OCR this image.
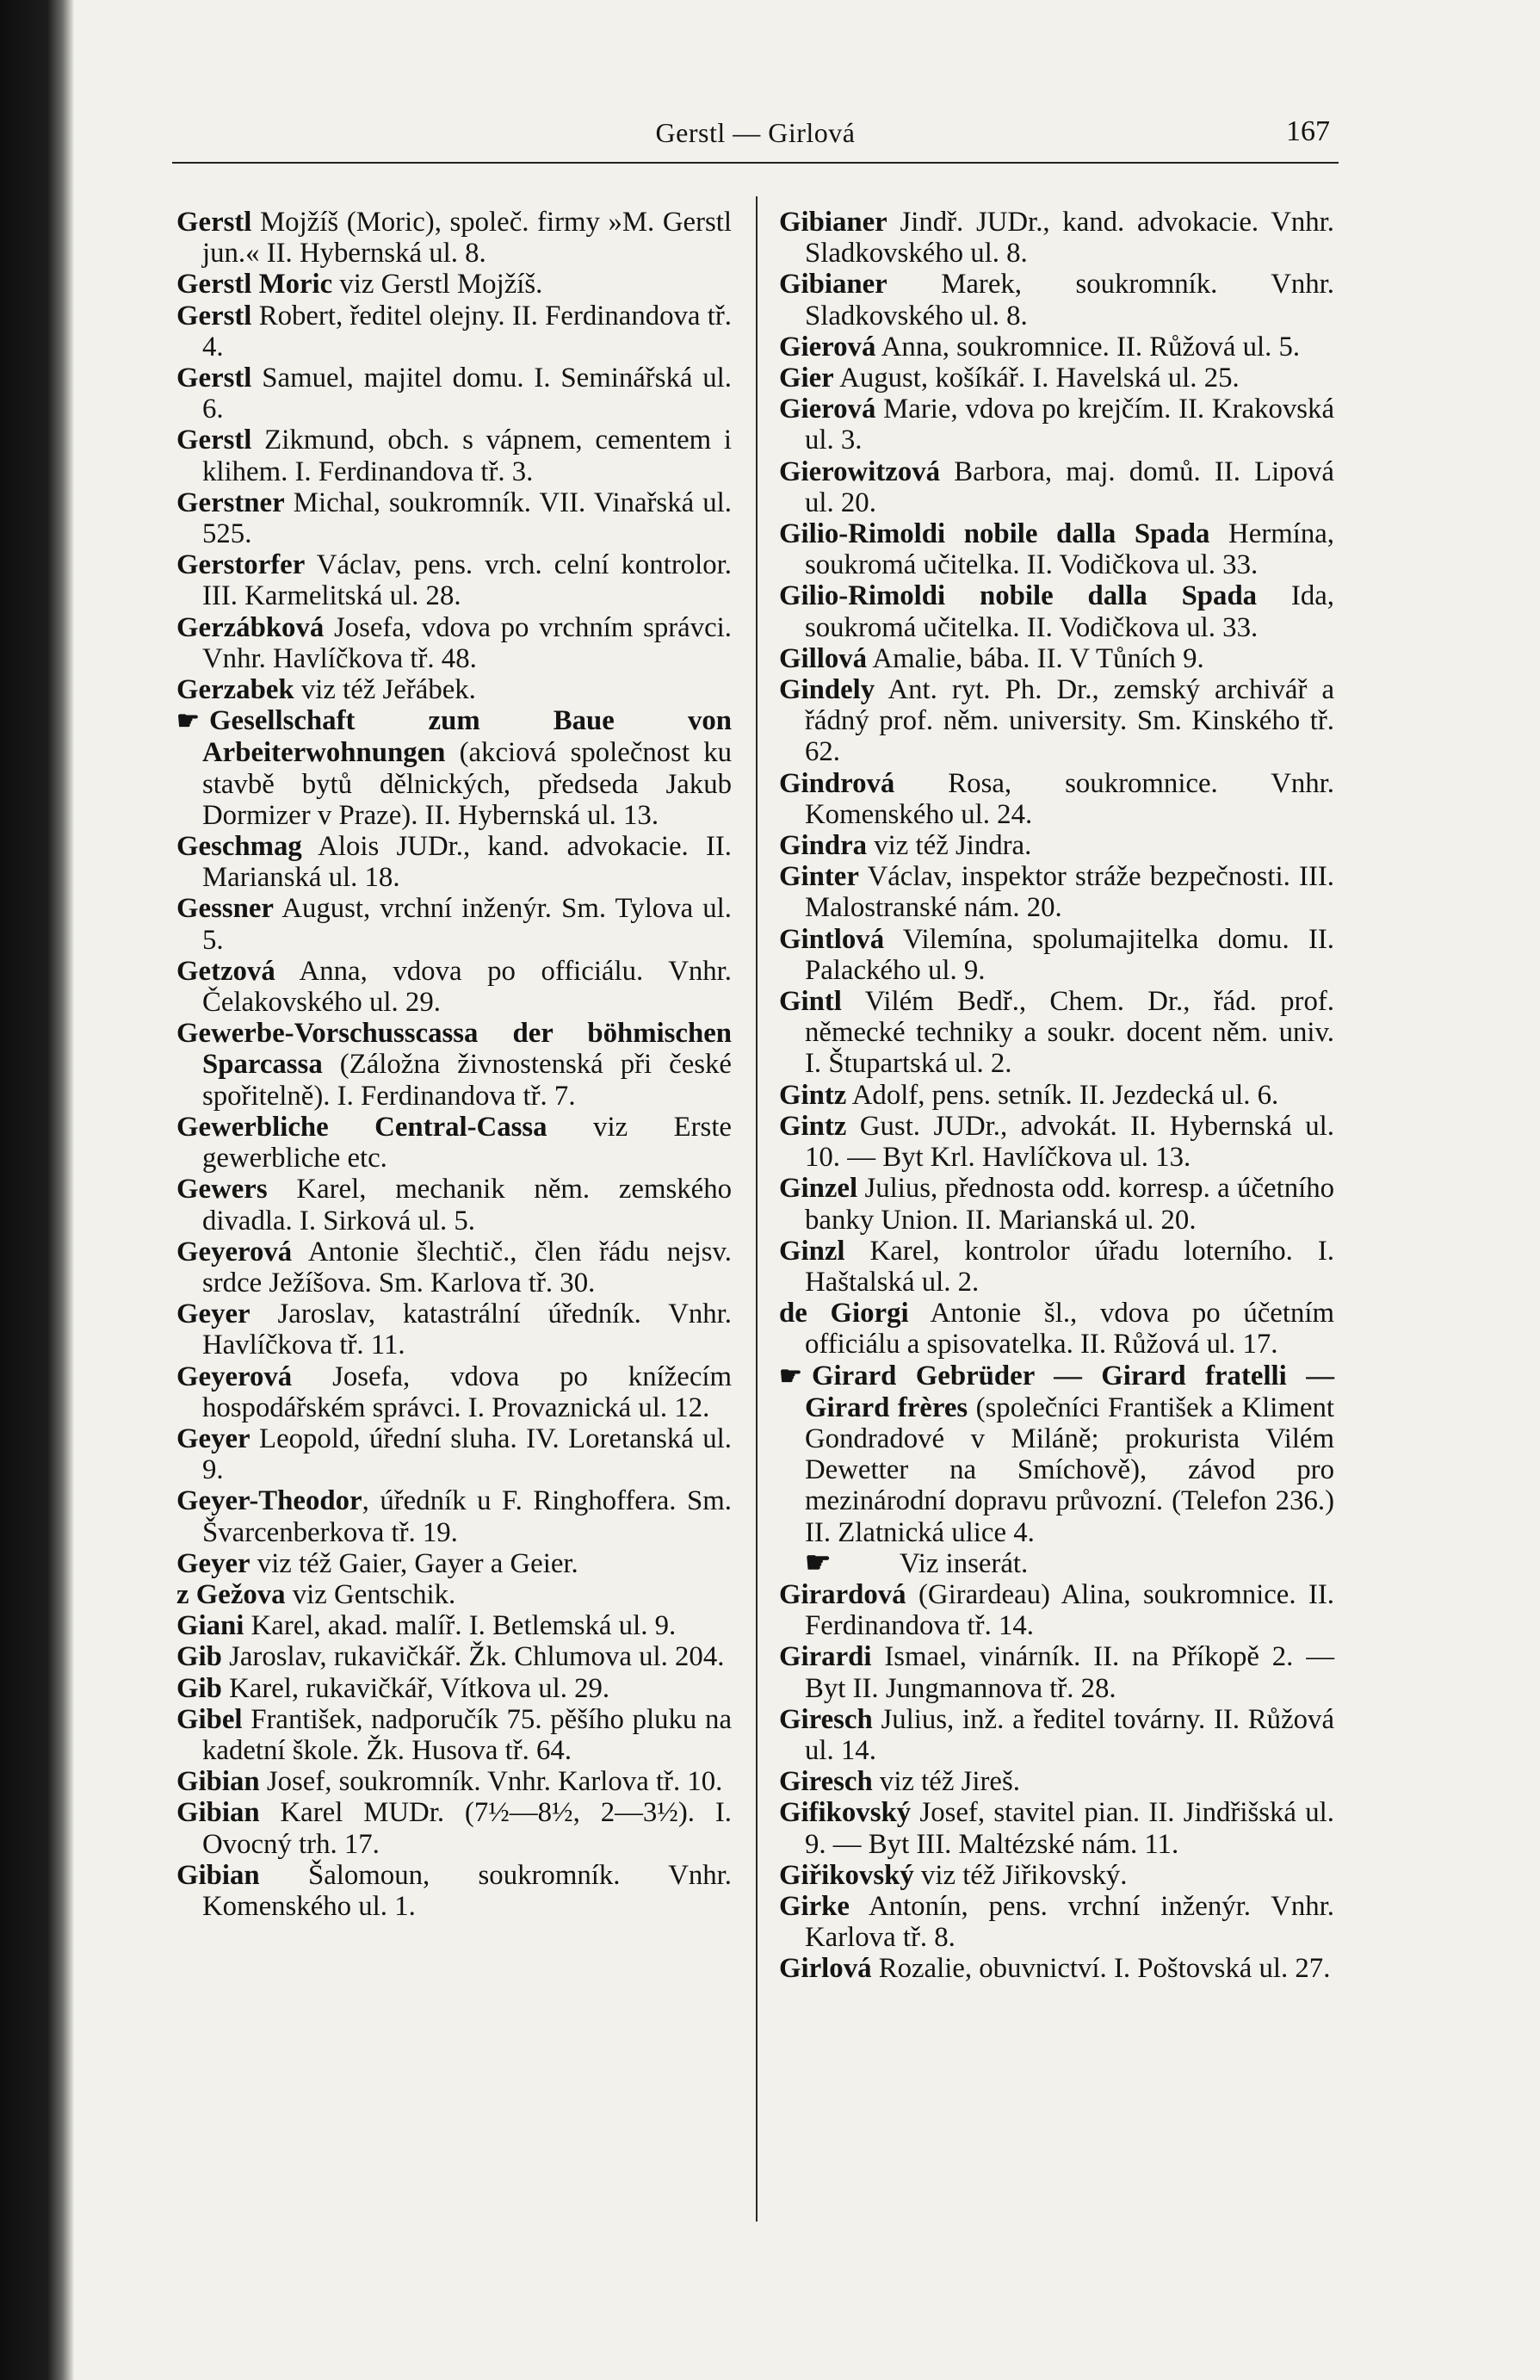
Gerstl — Girlová	167

Gerstl Mojžíš (Moric), společ. firmy »M. Gerstl jun.« II. Hybernská ul. 8.

Gerstl Moric viz Gerstl Mojžíš.

Gerstl Robert, ředitel olejny. II. Ferdinandova tř. 4.

Gerstl Samuel, majitel domu. I. Seminářská ul. 6.

Gerstl Zikmund, obch. s vápnem, cementem i klihem. I. Ferdinandova tř. 3.

Gerstner Michal, soukromník. VII. Vinařská ul. 525.

Gerstorfer Václav, pens. vrch. celní kontrolor. III. Karmelitská ul. 28.

Gerzábková Josefa, vdova po vrchním správci. Vnhr. Havlíčkova tř. 48.

Gerzabek viz též Jeřábek.

☛ Gesellschaft zum Baue von Arbeiterwohnungen (akciová společnost ku stavbě bytů dělnických, předseda Jakub Dormizer v Praze). II. Hybernská ul. 13.

Geschmag Alois JUDr., kand. advokacie. II. Marianská ul. 18.

Gessner August, vrchní inženýr. Sm. Tylova ul. 5.

Getzová Anna, vdova po officiálu. Vnhr. Čelakovského ul. 29.

Gewerbe-Vorschusscassa der böhmischen Sparcassa (Záložna živnostenská při české spořitelně). I. Ferdinandova tř. 7.

Gewerbliche Central-Cassa viz Erste gewerbliche etc.

Gewers Karel, mechanik něm. zemského divadla. I. Sirková ul. 5.

Geyerová Antonie šlechtič., člen řádu nejsv. srdce Ježíšova. Sm. Karlova tř. 30.

Geyer Jaroslav, katastrální úředník. Vnhr. Havlíčkova tř. 11.

Geyerová Josefa, vdova po knížecím hospodářském správci. I. Provaznická ul. 12.

Geyer Leopold, úřední sluha. IV. Loretanská ul. 9.

Geyer-Theodor, úředník u F. Ringhoffera. Sm. Švarcenberkova tř. 19.

Geyer viz též Gaier, Gayer a Geier.

z Gežova viz Gentschik.

Giani Karel, akad. malíř. I. Betlemská ul. 9.

Gib Jaroslav, rukavičkář. Žk. Chlumova ul. 204.

Gib Karel, rukavičkář, Vítkova ul. 29.

Gibel František, nadporučík 75. pěšího pluku na kadetní škole. Žk. Husova tř. 64.

Gibian Josef, soukromník. Vnhr. Karlova tř. 10.

Gibian Karel MUDr. (7½—8½, 2—3½). I. Ovocný trh. 17.

Gibian Šalomoun, soukromník. Vnhr. Komenského ul. 1.

Gibianer Jindř. JUDr., kand. advokacie. Vnhr. Sladkovského ul. 8.

Gibianer Marek, soukromník. Vnhr. Sladkovského ul. 8.

Gierová Anna, soukromnice. II. Růžová ul. 5.

Gier August, košíkář. I. Havelská ul. 25.

Gierová Marie, vdova po krejčím. II. Krakovská ul. 3.

Gierowitzová Barbora, maj. domů. II. Lipová ul. 20.

Gilio-Rimoldi nobile dalla Spada Hermína, soukromá učitelka. II. Vodičkova ul. 33.

Gilio-Rimoldi nobile dalla Spada Ida, soukromá učitelka. II. Vodičkova ul. 33.

Gillová Amalie, bába. II. V Tůních 9.

Gindely Ant. ryt. Ph. Dr., zemský archivář a řádný prof. něm. university. Sm. Kinského tř. 62.

Gindrová Rosa, soukromnice. Vnhr. Komenského ul. 24.

Gindra viz též Jindra.

Ginter Václav, inspektor stráže bezpečnosti. III. Malostranské nám. 20.

Gintlová Vilemína, spolumajitelka domu. II. Palackého ul. 9.

Gintl Vilém Bedř., Chem. Dr., řád. prof. německé techniky a soukr. docent něm. univ. I. Štupartská ul. 2.

Gintz Adolf, pens. setník. II. Jezdecká ul. 6.

Gintz Gust. JUDr., advokát. II. Hybernská ul. 10. — Byt Krl. Havlíčkova ul. 13.

Ginzel Julius, přednosta odd. korresp. a účetního banky Union. II. Marianská ul. 20.

Ginzl Karel, kontrolor úřadu loterního. I. Haštalská ul. 2.

de Giorgi Antonie šl., vdova po účetním officiálu a spisovatelka. II. Růžová ul. 17.

☛ Girard Gebrüder — Girard fratelli — Girard frères (společníci František a Kliment Gondradové v Miláně; prokurista Vilém Dewetter na Smíchově), závod pro mezinárodní dopravu průvozní. (Telefon 236.) II. Zlatnická ulice 4.

☛ Viz inserát.

Girardová (Girardeau) Alina, soukromnice. II. Ferdinandova tř. 14.

Girardi Ismael, vinárník. II. na Příkopě 2. — Byt II. Jungmannova tř. 28.

Giresch Julius, inž. a ředitel továrny. II. Růžová ul. 14.

Giresch viz též Jireš.

Gifikovský Josef, stavitel pian. II. Jindřišská ul. 9. — Byt III. Maltézské nám. 11.

Giřikovský viz též Jiřikovský.

Girke Antonín, pens. vrchní inženýr. Vnhr. Karlova tř. 8.

Girlová Rozalie, obuvnictví. I. Poštovská ul. 27.
